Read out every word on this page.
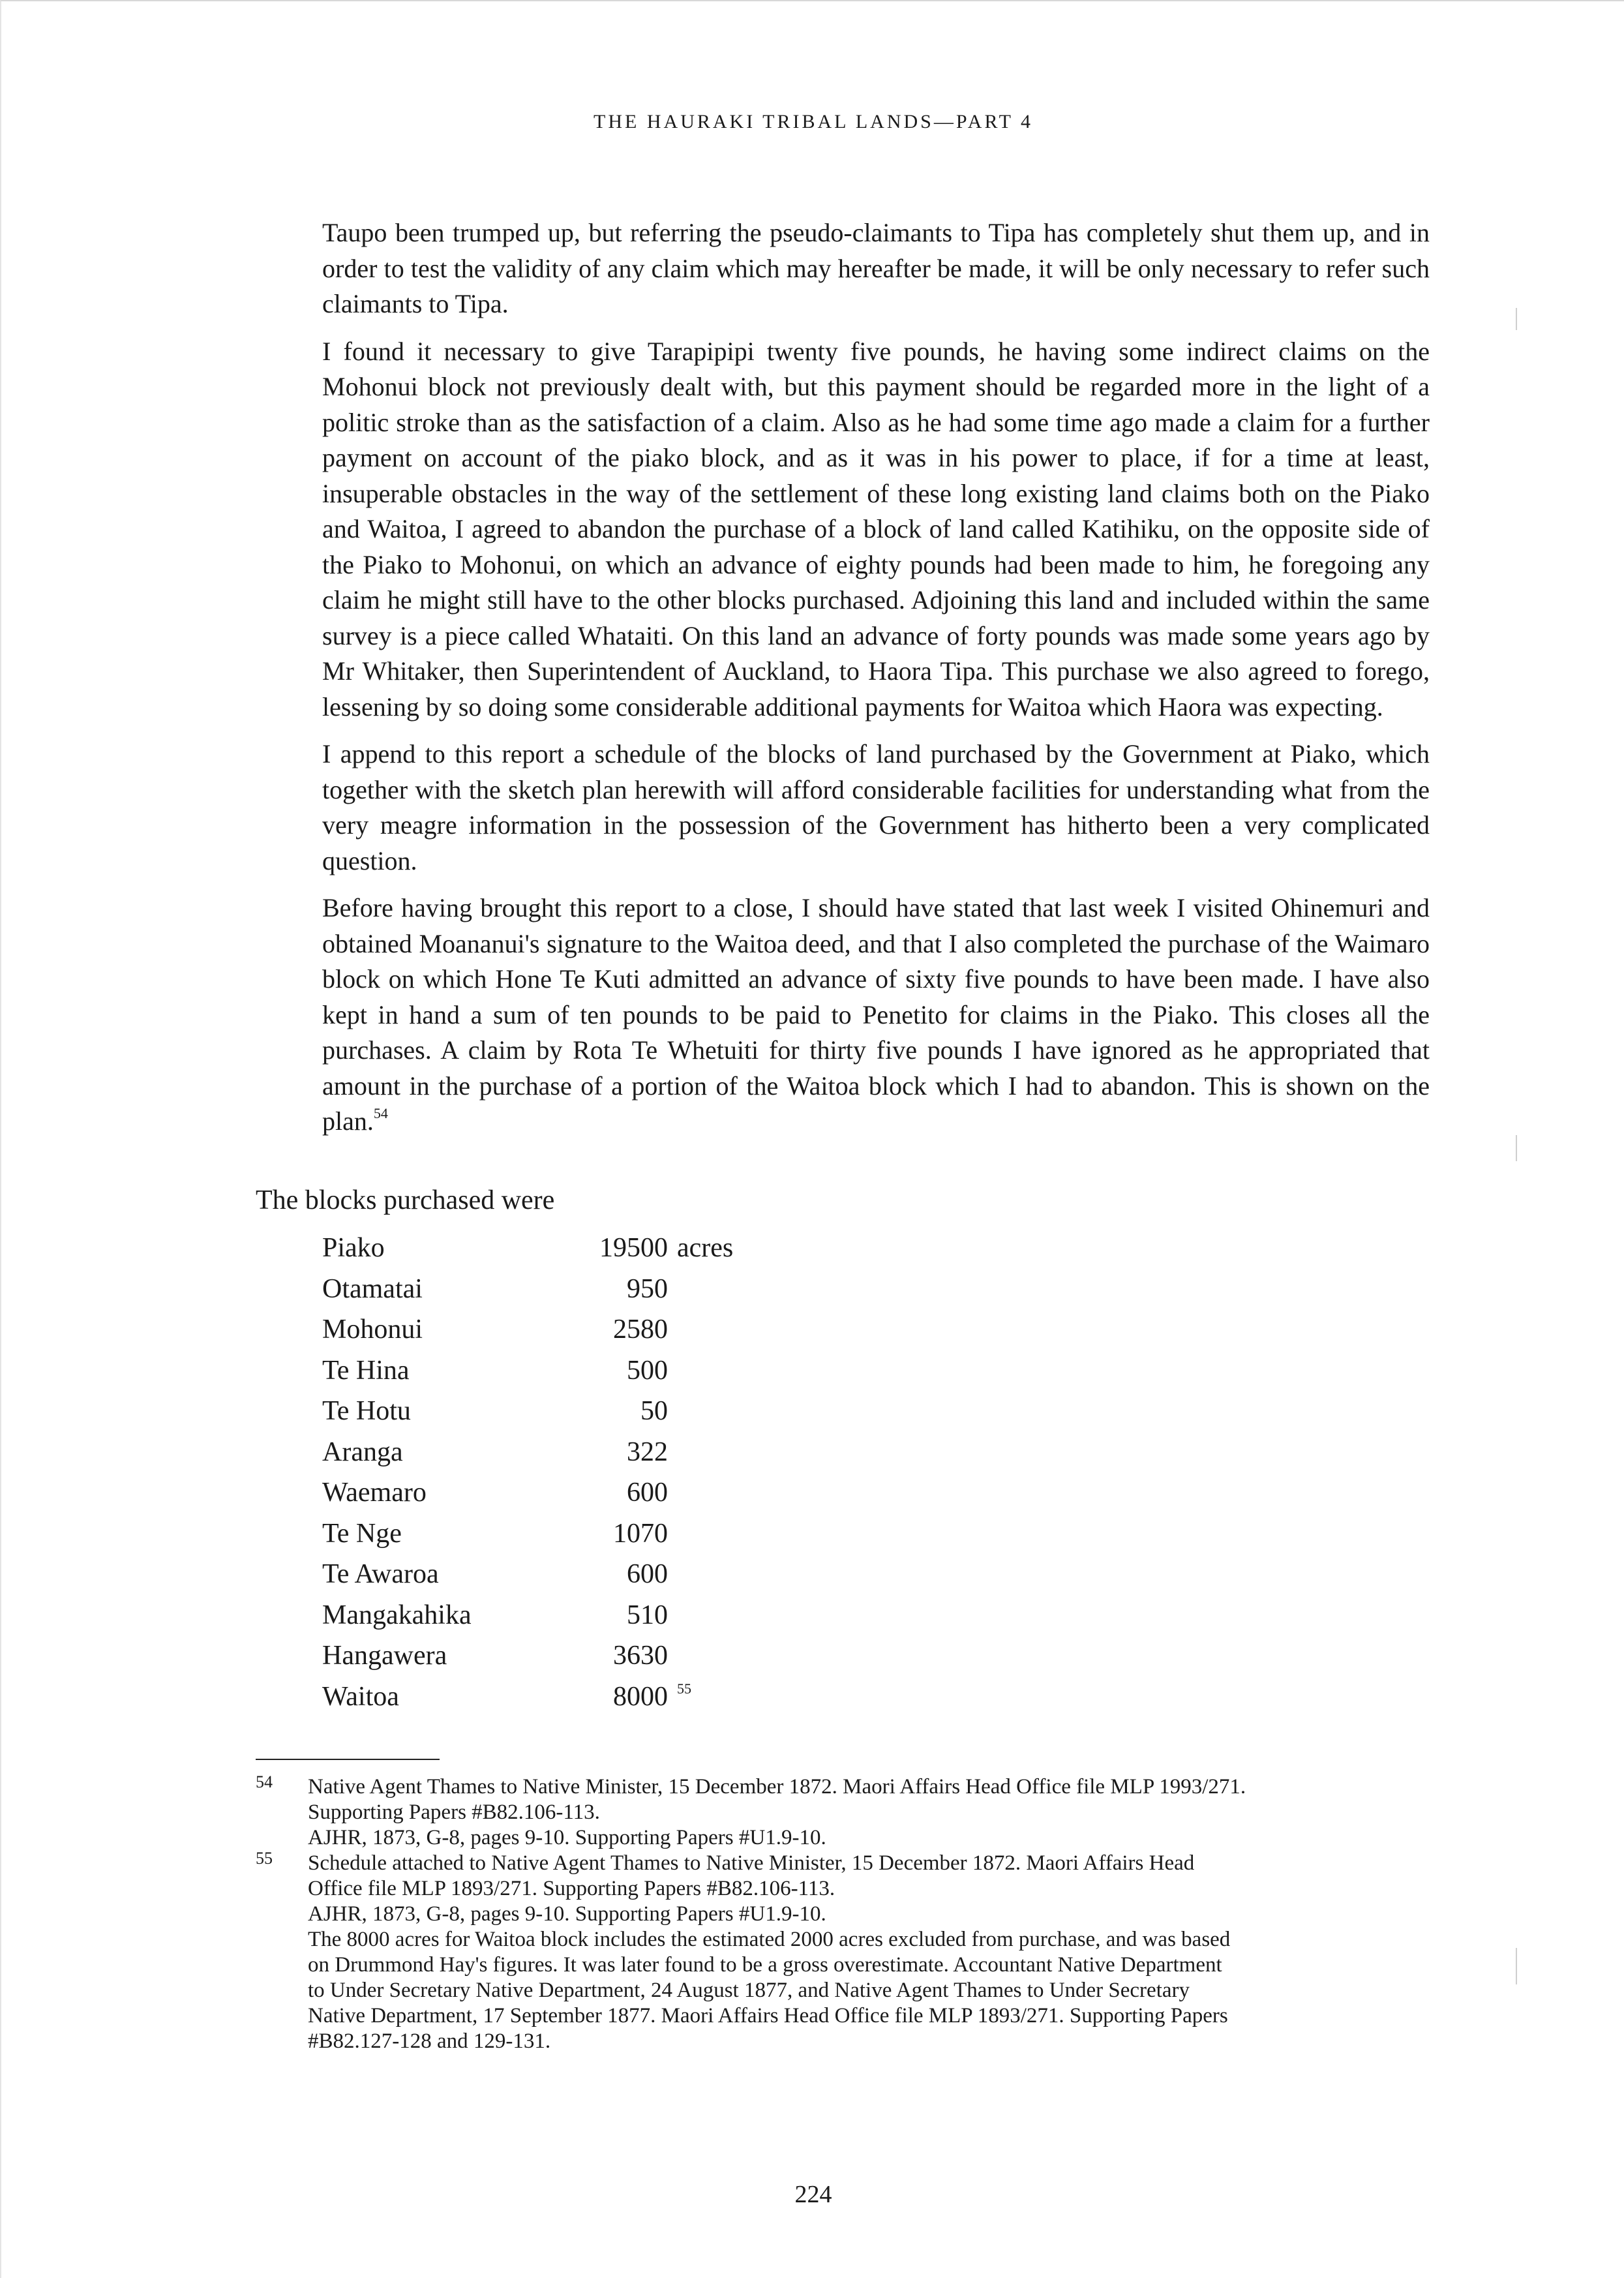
THE HAURAKI TRIBAL LANDS—PART 4

Taupo been trumped up, but referring the pseudo-claimants to Tipa has completely shut them up, and in order to test the validity of any claim which may hereafter be made, it will be only necessary to refer such claimants to Tipa.

I found it necessary to give Tarapipipi twenty five pounds, he having some indirect claims on the Mohonui block not previously dealt with, but this payment should be regarded more in the light of a politic stroke than as the satisfaction of a claim. Also as he had some time ago made a claim for a further payment on account of the piako block, and as it was in his power to place, if for a time at least, insuperable obstacles in the way of the settlement of these long existing land claims both on the Piako and Waitoa, I agreed to abandon the purchase of a block of land called Katihiku, on the opposite side of the Piako to Mohonui, on which an advance of eighty pounds had been made to him, he foregoing any claim he might still have to the other blocks purchased. Adjoining this land and included within the same survey is a piece called Whataiti. On this land an advance of forty pounds was made some years ago by Mr Whitaker, then Superintendent of Auckland, to Haora Tipa. This purchase we also agreed to forego, lessening by so doing some considerable additional payments for Waitoa which Haora was expecting.

I append to this report a schedule of the blocks of land purchased by the Government at Piako, which together with the sketch plan herewith will afford considerable facilities for understanding what from the very meagre information in the possession of the Government has hitherto been a very complicated question.

Before having brought this report to a close, I should have stated that last week I visited Ohinemuri and obtained Moananui's signature to the Waitoa deed, and that I also completed the purchase of the Waimaro block on which Hone Te Kuti admitted an advance of sixty five pounds to have been made. I have also kept in hand a sum of ten pounds to be paid to Penetito for claims in the Piako. This closes all the purchases. A claim by Rota Te Whetuiti for thirty five pounds I have ignored as he appropriated that amount in the purchase of a portion of the Waitoa block which I had to abandon. This is shown on the plan.$^{54}$

The blocks purchased were
Piako	19500	acres
Otamatai	950	
Mohonui	2580	
Te Hina	500	
Te Hotu	50	
Aranga	322	
Waemaro	600	
Te Nge	1070	
Te Awaroa	600	
Mangakahika	510	
Hangawera	3630	
Waitoa	8000	$^{55}$
54 Native Agent Thames to Native Minister, 15 December 1872. Maori Affairs Head Office file MLP 1993/271.
Supporting Papers #B82.106-113.
AJHR, 1873, G-8, pages 9-10. Supporting Papers #U1.9-10.
55 Schedule attached to Native Agent Thames to Native Minister, 15 December 1872. Maori Affairs Head
Office file MLP 1893/271. Supporting Papers #B82.106-113.
AJHR, 1873, G-8, pages 9-10. Supporting Papers #U1.9-10.
The 8000 acres for Waitoa block includes the estimated 2000 acres excluded from purchase, and was based
on Drummond Hay's figures. It was later found to be a gross overestimate. Accountant Native Department
to Under Secretary Native Department, 24 August 1877, and Native Agent Thames to Under Secretary
Native Department, 17 September 1877. Maori Affairs Head Office file MLP 1893/271. Supporting Papers
#B82.127-128 and 129-131.
224
